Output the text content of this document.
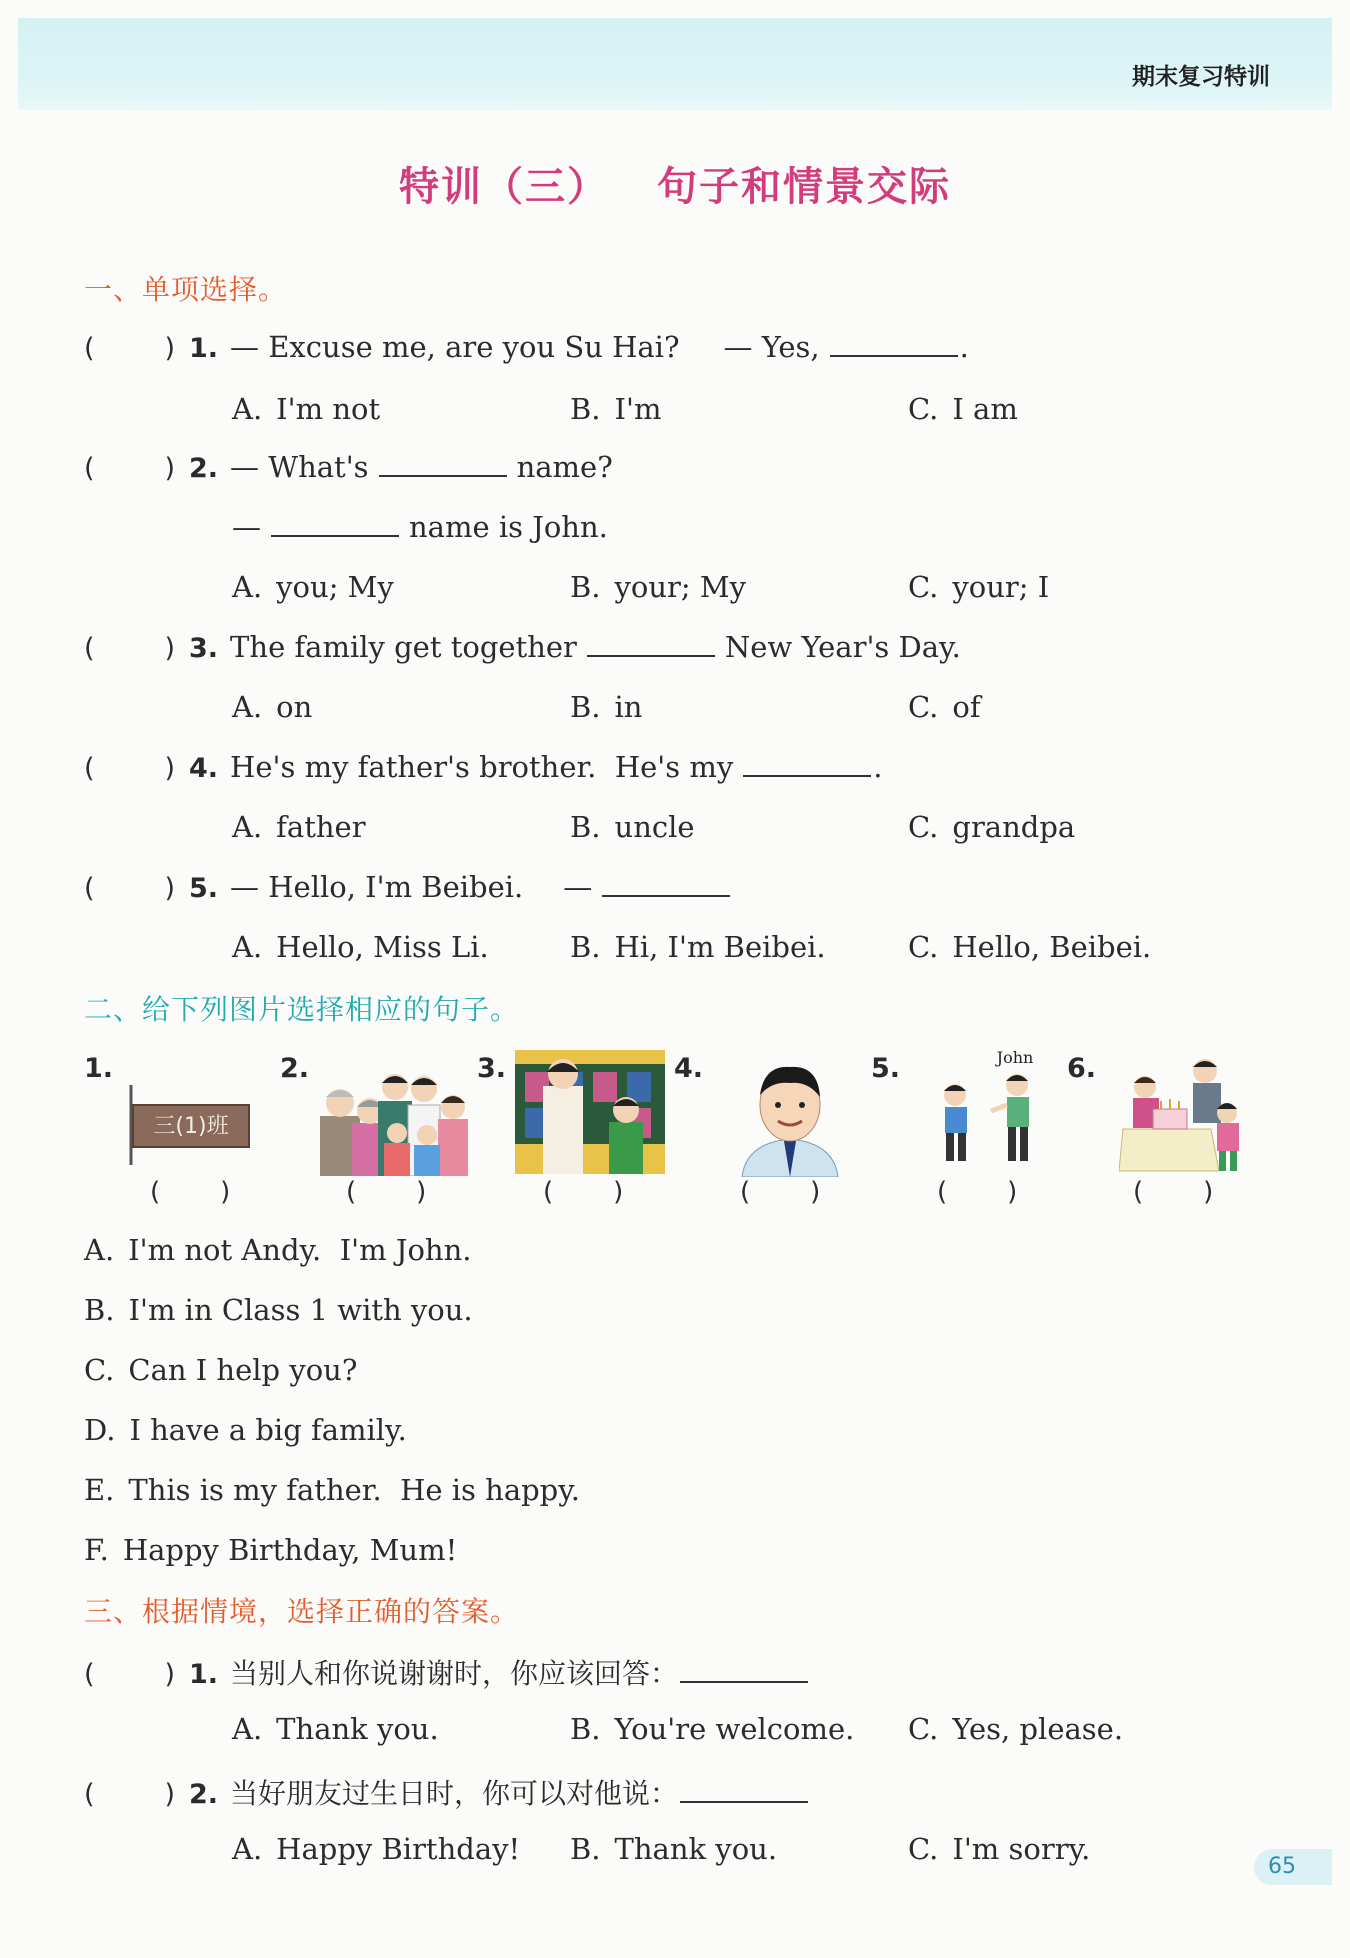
期末复习特训
特训（三） 句子和情景交际
一、单项选择。
(	) 1. — Excuse me, are you Su Hai? — Yes,	.
A. I'm not	B. I'm	C. I am
(	) 2. — What's	name?
—	name is John.
A. you; My	B. your; My	C. your; I
(	) 3. The family get together	New Year's Day.
A. on	B. in	C. of
(	) 4. He's my father's brother.  He's my	.
A. father	B. uncle	C. grandpa
(	) 5. — Hello, I'm Beibei. —
A. Hello, Miss Li.	B. Hi, I'm Beibei.	C. Hello, Beibei.
二、给下列图片选择相应的句子。
1.
三(1)班
( )
2.
( )
3.
( )
4.
( )
5.	John
( )
6.
( )
A. I'm not Andy.  I'm John.
B. I'm in Class 1 with you.
C. Can I help you?
D. I have a big family.
E. This is my father.  He is happy.
F. Happy Birthday, Mum!
三、根据情境，选择正确的答案。
(	) 1. 当别人和你说谢谢时，你应该回答：
A. Thank you.	B. You're welcome. C. Yes, please.
(	) 2. 当好朋友过生日时，你可以对他说：
A. Happy Birthday! B. Thank you.	C. I'm sorry.
65
